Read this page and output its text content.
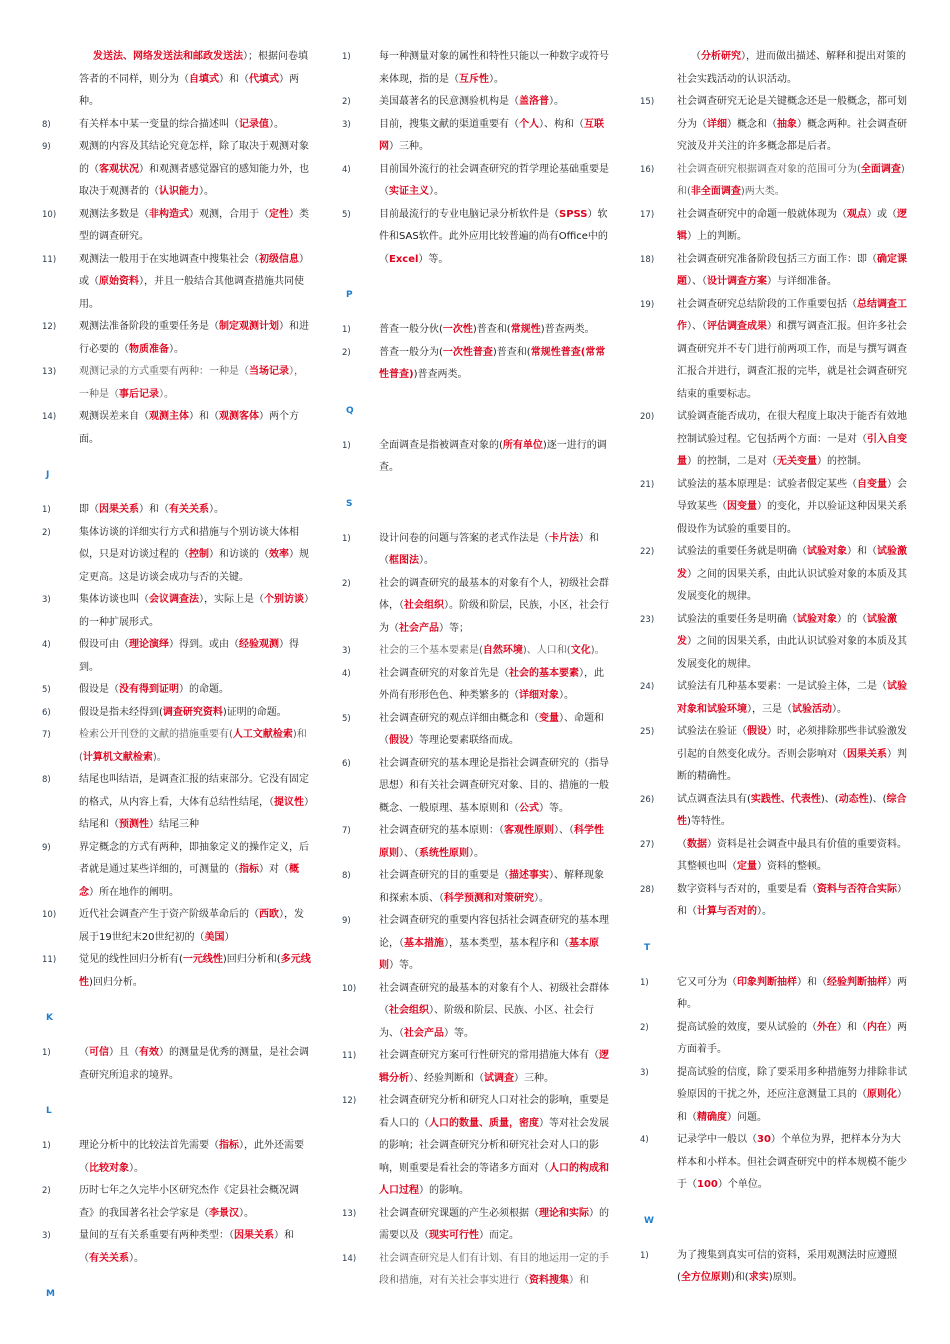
发送法、网络发送法和邮政发送法）；根据问卷填答者的不同样，则分为（自填式）和（代填式）两种。
8)	有关样本中某一变量的综合描述叫（记录值）。
9)	观测的内容及其结论究竟怎样，除了取决于观测对象的（客观状况）和观测者感觉器官的感知能力外，也取决于观测者的（认识能力）。
10) 观测法多数是（非构造式）观测，合用于（定性）类型的调查研究。
11) 观测法一般用于在实地调查中搜集社会（初级信息）或（原始资料），并且一般结合其他调查措施共同使用。
12) 观测法准备阶段的重要任务是（制定观测计划）和进行必要的（物质准备）。
13) 观测记录的方式重要有两种：一种是（当场记录），一种是（事后记录）。
14) 观测误差来自（观测主体）和（观测客体）两个方面。
J
1)	即（因果关系）和（有关关系）。
2)	集体访谈的详细实行方式和措施与个别访谈大体相似，只是对访谈过程的（控制）和访谈的（效率）规定更高。这是访谈会成功与否的关键。
3)	集体访谈也叫（会议调查法），实际上是（个别访谈）的一种扩展形式。
4)	假设可由（理论演绎）得到。或由（经验观测）得到。
5)	假设是（没有得到证明）的命题。
6)	假设是指未经得到(调查研究资料)证明的命题。
7)	检索公开刊登的文献的措施重要有(人工文献检索)和(计算机文献检索)。
8)	结尾也叫结语，是调查汇报的结束部分。它没有固定的格式，从内容上看，大体有总结性结尾，（提议性）结尾和（预测性）结尾三种
9)	界定概念的方式有两种，即抽象定义的操作定义，后者就是通过某些详细的，可测量的（指标）对（概念）所在地作的阐明。
10) 近代社会调查产生于资产阶级革命后的（西欧），发展于19世纪末20世纪初的（美国）
11) 觉见的线性回归分析有(一元线性)回归分析和(多元线性)回归分析。
K
1)	（可信）且（有效）的测量是优秀的测量，是社会调查研究所追求的境界。
L
1)	理论分析中的比较法首先需要（指标），此外还需要（比较对象）。
2)	历时七年之久完毕小区研究杰作《定县社会概况调查》的我国著名社会学家是（李景汉）。
3)	量间的互有关系重要有两种类型：（因果关系）和（有关关系）。
M
1)	每一种测量对象的属性和特性只能以一种数字或符号来体现，指的是（互斥性）。
2)	美国蕞著名的民意测验机构是（盖洛普）。
3)	目前，搜集文献的渠道重要有（个人）、构和（互联网）三种。
4)	目前国外流行的社会调查研究的哲学理论基础重要是（实证主义）。
5)	目前最流行的专业电脑记录分析软件是（SPSS）软件和SAS软件。此外应用比较普遍的尚有Office中的（Excel）等。
P
1)	普查一般分伙(一次性)普查和(常规性)普查两类。
2)	普查一般分为(一次性普查)普查和(常规性普查(常常性普查))普查两类。
Q
1)	全面调查是指被调查对象的(所有单位)逐一进行的调查。
S
1)	设计问卷的问题与答案的老式作法是（卡片法）和（框图法）。
2)	社会的调查研究的最基本的对象有个人，初级社会群体，（社会组织）。阶级和阶层，民族，小区，社会行为（社会产品）等；
3)	社会的三个基本要素是(自然环境)、人口和(文化)。
4)	社会调查研究的对象首先是（社会的基本要素），此外尚有形形色色、种类繁多的（详细对象）。
5)	社会调查研究的观点详细由概念和（变量）、命题和（假设）等理论要素联络而成。
6)	社会调查研究的基本理论是指社会调查研究的（指导思想）和有关社会调查研究对象、目的、措施的一般概念、一般原理、基本原则和（公式）等。
7)	社会调查研究的基本原则：（客观性原则）、（科学性原则）、（系统性原则）。
8)	社会调查研究的目的重要是（描述事实）、解释现象和探索本质、（科学预测和对策研究）。
9)	社会调查研究的重要内容包括社会调查研究的基本理论，（基本措施），基本类型，基本程序和（基本原则）等。
10) 社会调查研究的最基本的对象有个人、初级社会群体（社会组织）、阶级和阶层、民族、小区、社会行为、（社会产品）等。
11) 社会调查研究方案可行性研究的常用措施大体有（逻辑分析）、经验判断和（试调查）三种。
12) 社会调查研究分析和研究人口对社会的影响，重要是看人口的（人口的数量、质量，密度）等对社会发展的影响；社会调查研究分析和研究社会对人口的影响，则重要是看社会的等诸多方面对（人口的构成和人口过程）的影响。
13) 社会调查研究课题的产生必须根据（理论和实际）的需要以及（现实可行性）而定。
14) 社会调查研究是人们有计划、有目的地运用一定的手段和措施，对有关社会事实进行（资料搜集）和
（分析研究），进而做出描述、解释和提出对策的社会实践活动的认识活动。
15) 社会调查研究无论是关键概念还是一般概念，都可划分为（详细）概念和（抽象）概念两种。社会调查研究波及并关注的许多概念都是后者。
16) 社会调查研究根据调查对象的范围可分为(全面调查)和(非全面调查)两大类。
17) 社会调查研究中的命题一般就体现为（观点）或（逻辑）上的判断。
18) 社会调查研究准备阶段包括三方面工作：即（确定课题）、（设计调查方案）与详细准备。
19) 社会调查研究总结阶段的工作重要包括（总结调查工作）、（评估调查成果）和撰写调查汇报。但许多社会调查研究并不专门进行前两项工作，而是与撰写调查汇报合并进行，调查汇报的完毕，就是社会调查研究结束的重要标志。
20) 试验调查能否成功，在很大程度上取决于能否有效地控制试验过程。它包括两个方面：一是对（引入自变量）的控制，二是对（无关变量）的控制。
21) 试验法的基本原理是：试验者假定某些（自变量）会导致某些（因变量）的变化，并以验证这种因果关系假设作为试验的重要目的。
22) 试验法的重要任务就是明确（试验对象）和（试验激发）之间的因果关系，由此认识试验对象的本质及其发展变化的规律。
23) 试验法的重要任务是明确（试验对象）的（试验激发）之间的因果关系，由此认识试验对象的本质及其发展变化的规律。
24) 试验法有几种基本要素：一是试验主体，二是（试验对象和试验环境），三是（试验活动）。
25) 试验法在验证（假设）时，必须排除那些非试验激发引起的自然变化成分。否则会影响对（因果关系）判断的精确性。
26) 试点调查法具有(实践性、代表性)、(动态性)、(综合性)等特性。
27) （数据）资料是社会调查中最具有价值的重要资料。其整顿也叫（定量）资料的整顿。
28) 数字资料与否对的，重要是看（资料与否符合实际）和（计算与否对的）。
T
1)	它又可分为（印象判断抽样）和（经验判断抽样）两种。
2)	提高试验的效度，要从试验的（外在）和（内在）两方面着手。
3)	提高试验的信度，除了要采用多种措施努力排除非试验原因的干扰之外，还应注意测量工具的（原则化）和（精确度）问题。
4)	记录学中一般以（30）个单位为界，把样本分为大样本和小样本。但社会调查研究中的样本规模不能少于（100）个单位。
W
1)	为了搜集到真实可信的资料，采用观测法时应遵照(全方位原则)和(求实)原则。
